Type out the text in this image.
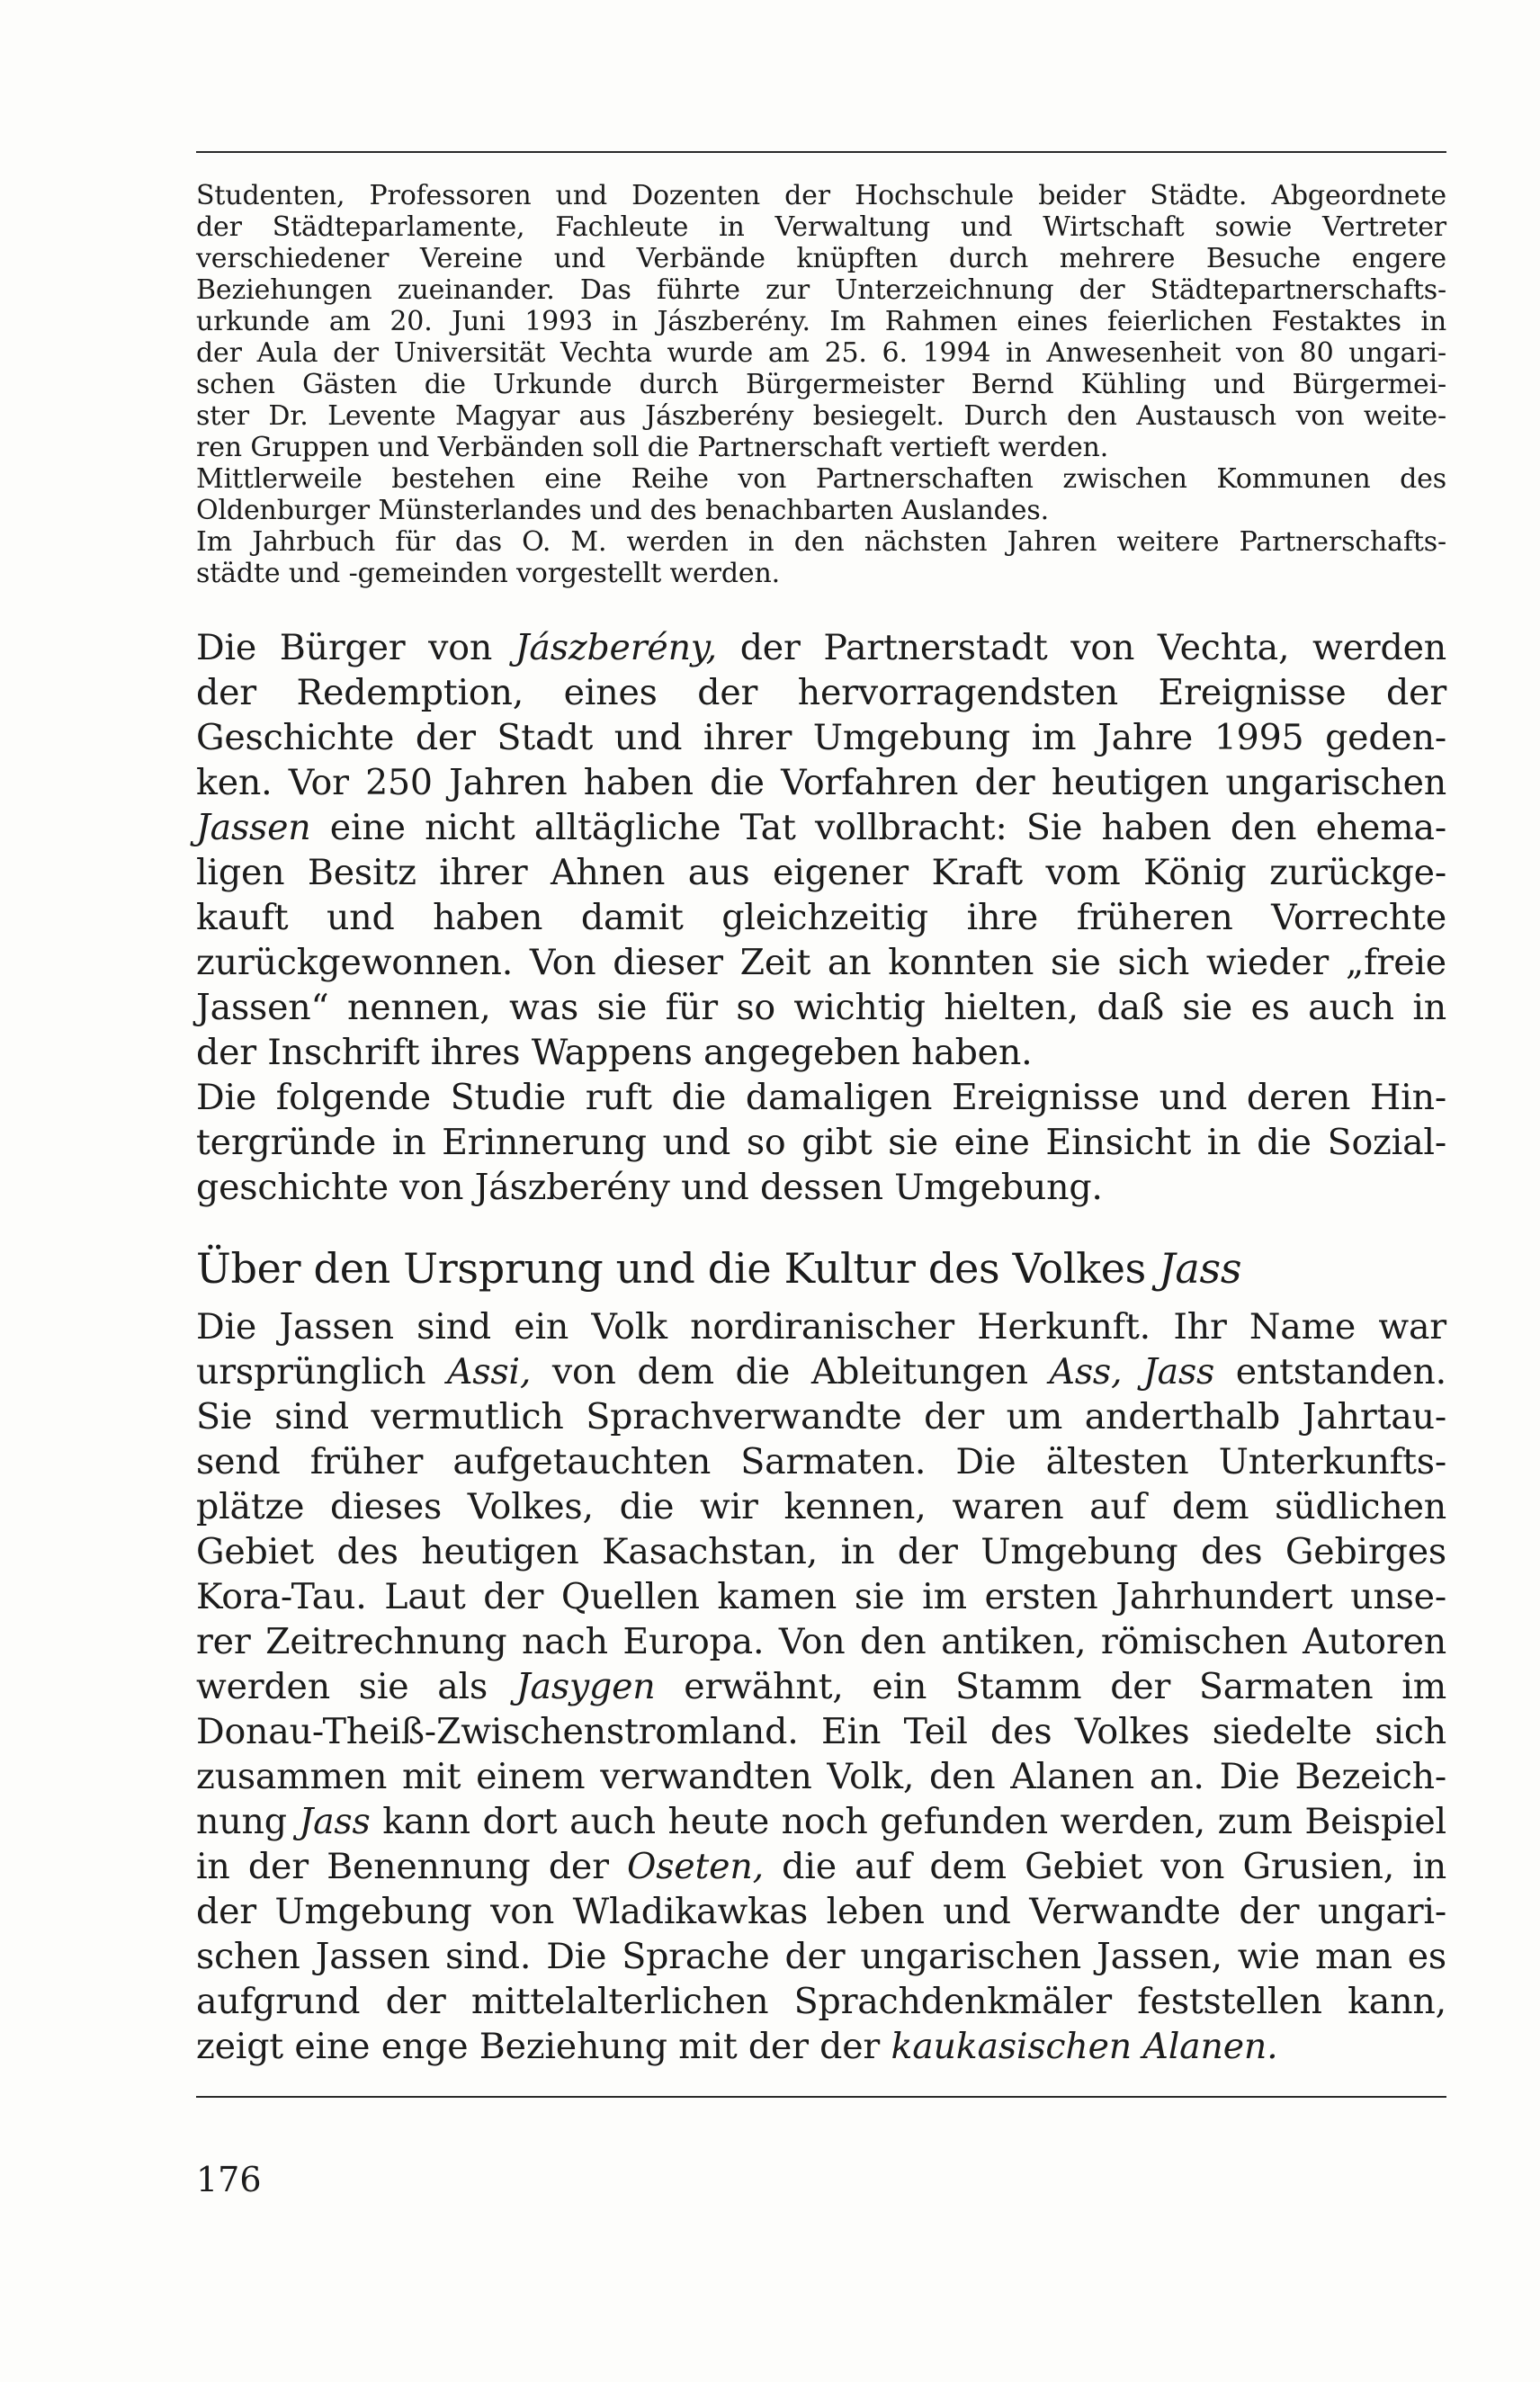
Studenten, Professoren und Dozenten der Hochschule beider Städte. Abgeordnete
der Städteparlamente, Fachleute in Verwaltung und Wirtschaft sowie Vertreter
verschiedener Vereine und Verbände knüpften durch mehrere Besuche engere
Beziehungen zueinander. Das führte zur Unterzeichnung der Städtepartnerschafts-
urkunde am 20. Juni 1993 in Jászberény. Im Rahmen eines feierlichen Festaktes in
der Aula der Universität Vechta wurde am 25. 6. 1994 in Anwesenheit von 80 ungari-
schen Gästen die Urkunde durch Bürgermeister Bernd Kühling und Bürgermei-
ster Dr. Levente Magyar aus Jászberény besiegelt. Durch den Austausch von weite-
ren Gruppen und Verbänden soll die Partnerschaft vertieft werden.
Mittlerweile bestehen eine Reihe von Partnerschaften zwischen Kommunen des
Oldenburger Münsterlandes und des benachbarten Auslandes.
Im Jahrbuch für das O. M. werden in den nächsten Jahren weitere Partnerschafts-
städte und -gemeinden vorgestellt werden.
Die Bürger von Jászberény, der Partnerstadt von Vechta, werden
der Redemption, eines der hervorragendsten Ereignisse der
Geschichte der Stadt und ihrer Umgebung im Jahre 1995 geden-
ken. Vor 250 Jahren haben die Vorfahren der heutigen ungarischen
Jassen eine nicht alltägliche Tat vollbracht: Sie haben den ehema-
ligen Besitz ihrer Ahnen aus eigener Kraft vom König zurückge-
kauft und haben damit gleichzeitig ihre früheren Vorrechte
zurückgewonnen. Von dieser Zeit an konnten sie sich wieder „freie
Jassen“ nennen, was sie für so wichtig hielten, daß sie es auch in
der Inschrift ihres Wappens angegeben haben.
Die folgende Studie ruft die damaligen Ereignisse und deren Hin-
tergründe in Erinnerung und so gibt sie eine Einsicht in die Sozial-
geschichte von Jászberény und dessen Umgebung.
Über den Ursprung und die Kultur des Volkes Jass
Die Jassen sind ein Volk nordiranischer Herkunft. Ihr Name war
ursprünglich Assi, von dem die Ableitungen Ass, Jass entstanden.
Sie sind vermutlich Sprachverwandte der um anderthalb Jahrtau-
send früher aufgetauchten Sarmaten. Die ältesten Unterkunfts-
plätze dieses Volkes, die wir kennen, waren auf dem südlichen
Gebiet des heutigen Kasachstan, in der Umgebung des Gebirges
Kora-Tau. Laut der Quellen kamen sie im ersten Jahrhundert unse-
rer Zeitrechnung nach Europa. Von den antiken, römischen Autoren
werden sie als Jasygen erwähnt, ein Stamm der Sarmaten im
Donau-Theiß-Zwischenstromland. Ein Teil des Volkes siedelte sich
zusammen mit einem verwandten Volk, den Alanen an. Die Bezeich-
nung Jass kann dort auch heute noch gefunden werden, zum Beispiel
in der Benennung der Oseten, die auf dem Gebiet von Grusien, in
der Umgebung von Wladikawkas leben und Verwandte der ungari-
schen Jassen sind. Die Sprache der ungarischen Jassen, wie man es
aufgrund der mittelalterlichen Sprachdenkmäler feststellen kann,
zeigt eine enge Beziehung mit der der kaukasischen Alanen.
176
